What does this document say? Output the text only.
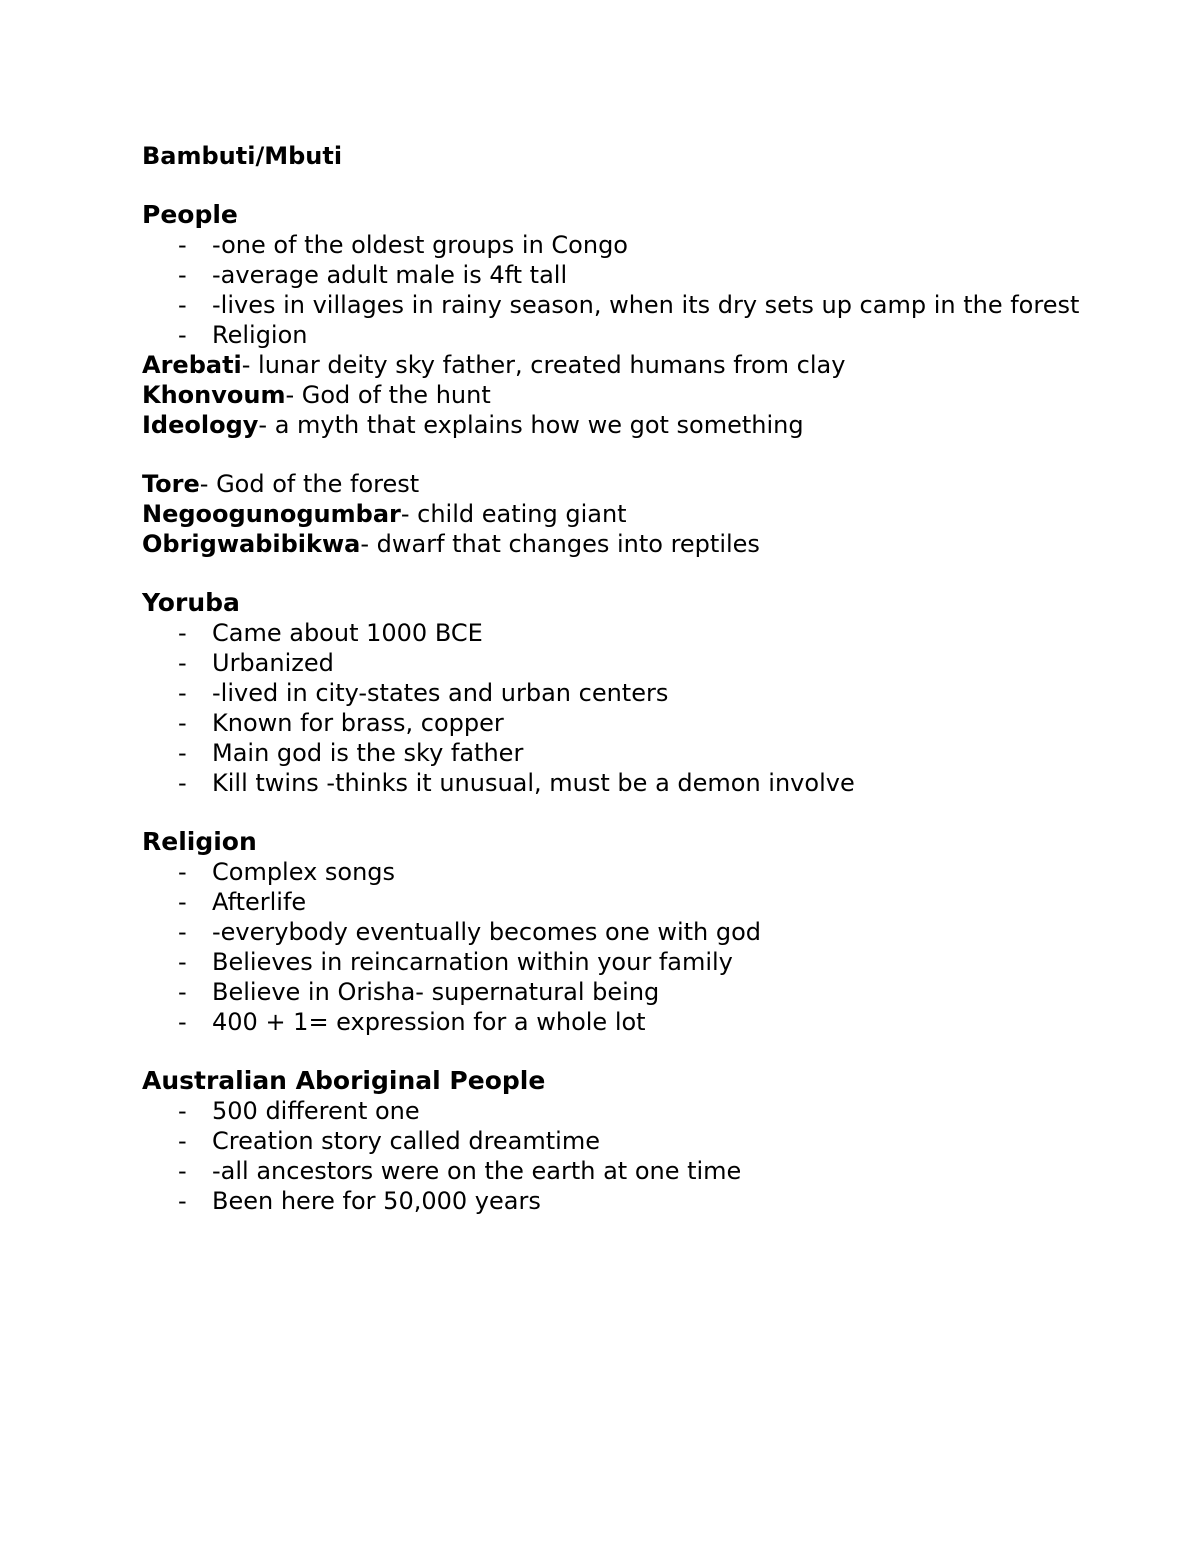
Bambuti/Mbuti
People
- -one of the oldest groups in Congo
- -average adult male is 4ft tall
- -lives in villages in rainy season, when its dry sets up camp in the forest
- Religion
Arebati- lunar deity sky father, created humans from clay
Khonvoum- God of the hunt
Ideology- a myth that explains how we got something
Tore- God of the forest
Negoogunogumbar- child eating giant
Obrigwabibikwa- dwarf that changes into reptiles
Yoruba
- Came about 1000 BCE
- Urbanized
- -lived in city-states and urban centers
- Known for brass, copper
- Main god is the sky father
- Kill twins -thinks it unusual, must be a demon involve
Religion
- Complex songs
- Afterlife
- -everybody eventually becomes one with god
- Believes in reincarnation within your family
- Believe in Orisha- supernatural being
- 400 + 1= expression for a whole lot
Australian Aboriginal People
- 500 different one
- Creation story called dreamtime
- -all ancestors were on the earth at one time
- Been here for 50,000 years
